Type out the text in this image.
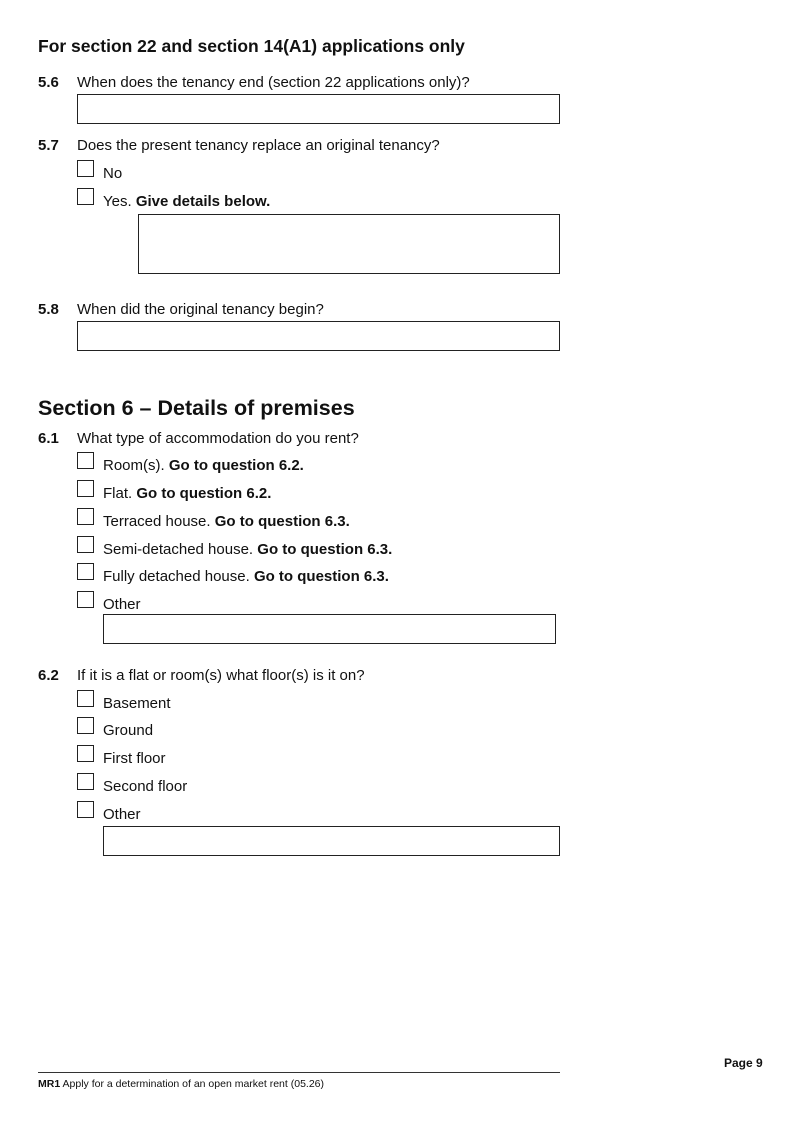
For section 22 and section 14(A1) applications only
5.6 When does the tenancy end (section 22 applications only)?
5.7 Does the present tenancy replace an original tenancy?
No
Yes. Give details below.
5.8 When did the original tenancy begin?
Section 6 – Details of premises
6.1 What type of accommodation do you rent?
Room(s). Go to question 6.2.
Flat. Go to question 6.2.
Terraced house. Go to question 6.3.
Semi-detached house. Go to question 6.3.
Fully detached house. Go to question 6.3.
Other
6.2 If it is a flat or room(s) what floor(s) is it on?
Basement
Ground
First floor
Second floor
Other
Page 9
MR1 Apply for a determination of an open market rent (05.26)
